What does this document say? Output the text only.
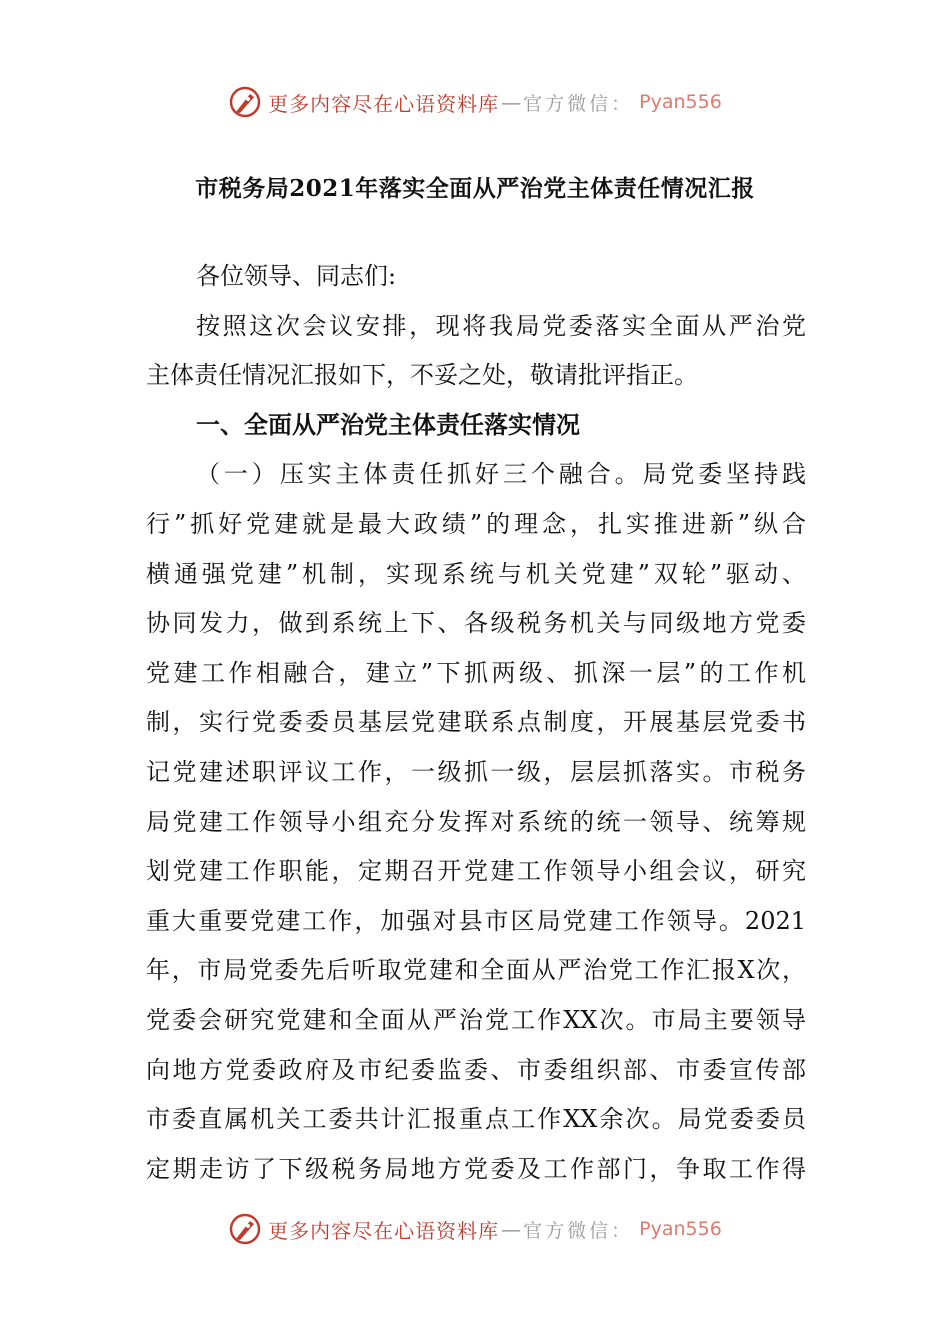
更多内容尽在心语资料库 — 官方微信： Pyan556
市税务局2021年落实全面从严治党主体责任情况汇报
各位领导、同志们:
按照这次会议安排，现将我局党委落实全面从严治党
主体责任情况汇报如下，不妥之处，敬请批评指正。
一、全面从严治党主体责任落实情况
（一）压实主体责任抓好三个融合。局党委坚持践
行”抓好党建就是最大政绩”的理念，扎实推进新”纵合
横通强党建”机制，实现系统与机关党建”双轮”驱动、
协同发力，做到系统上下、各级税务机关与同级地方党委
党建工作相融合，建立”下抓两级、抓深一层”的工作机
制，实行党委委员基层党建联系点制度，开展基层党委书
记党建述职评议工作，一级抓一级，层层抓落实。市税务
局党建工作领导小组充分发挥对系统的统一领导、统筹规
划党建工作职能，定期召开党建工作领导小组会议，研究
重大重要党建工作，加强对县市区局党建工作领导。2021
年，市局党委先后听取党建和全面从严治党工作汇报X次，
党委会研究党建和全面从严治党工作XX次。市局主要领导
向地方党委政府及市纪委监委、市委组织部、市委宣传部
市委直属机关工委共计汇报重点工作XX余次。局党委委员
定期走访了下级税务局地方党委及工作部门，争取工作得
更多内容尽在心语资料库 — 官方微信： Pyan556
